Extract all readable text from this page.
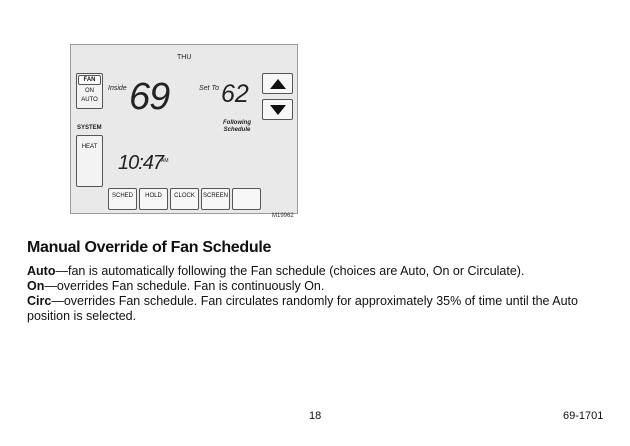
THU
FAN
ON
AUTO
SYSTEM
HEAT
Inside 69	Set To 62
Following
Schedule
10:47
AM
SCHED	HOLD	CLOCK	SCREEN
M19962
Manual Override of Fan Schedule

Auto—fan is automatically following the Fan schedule (choices are Auto, On or Circulate).

On—overrides Fan schedule. Fan is continuously On.

Circ—overrides Fan schedule. Fan circulates randomly for approximately 35% of time until the Auto position is selected.

18	69-1701
